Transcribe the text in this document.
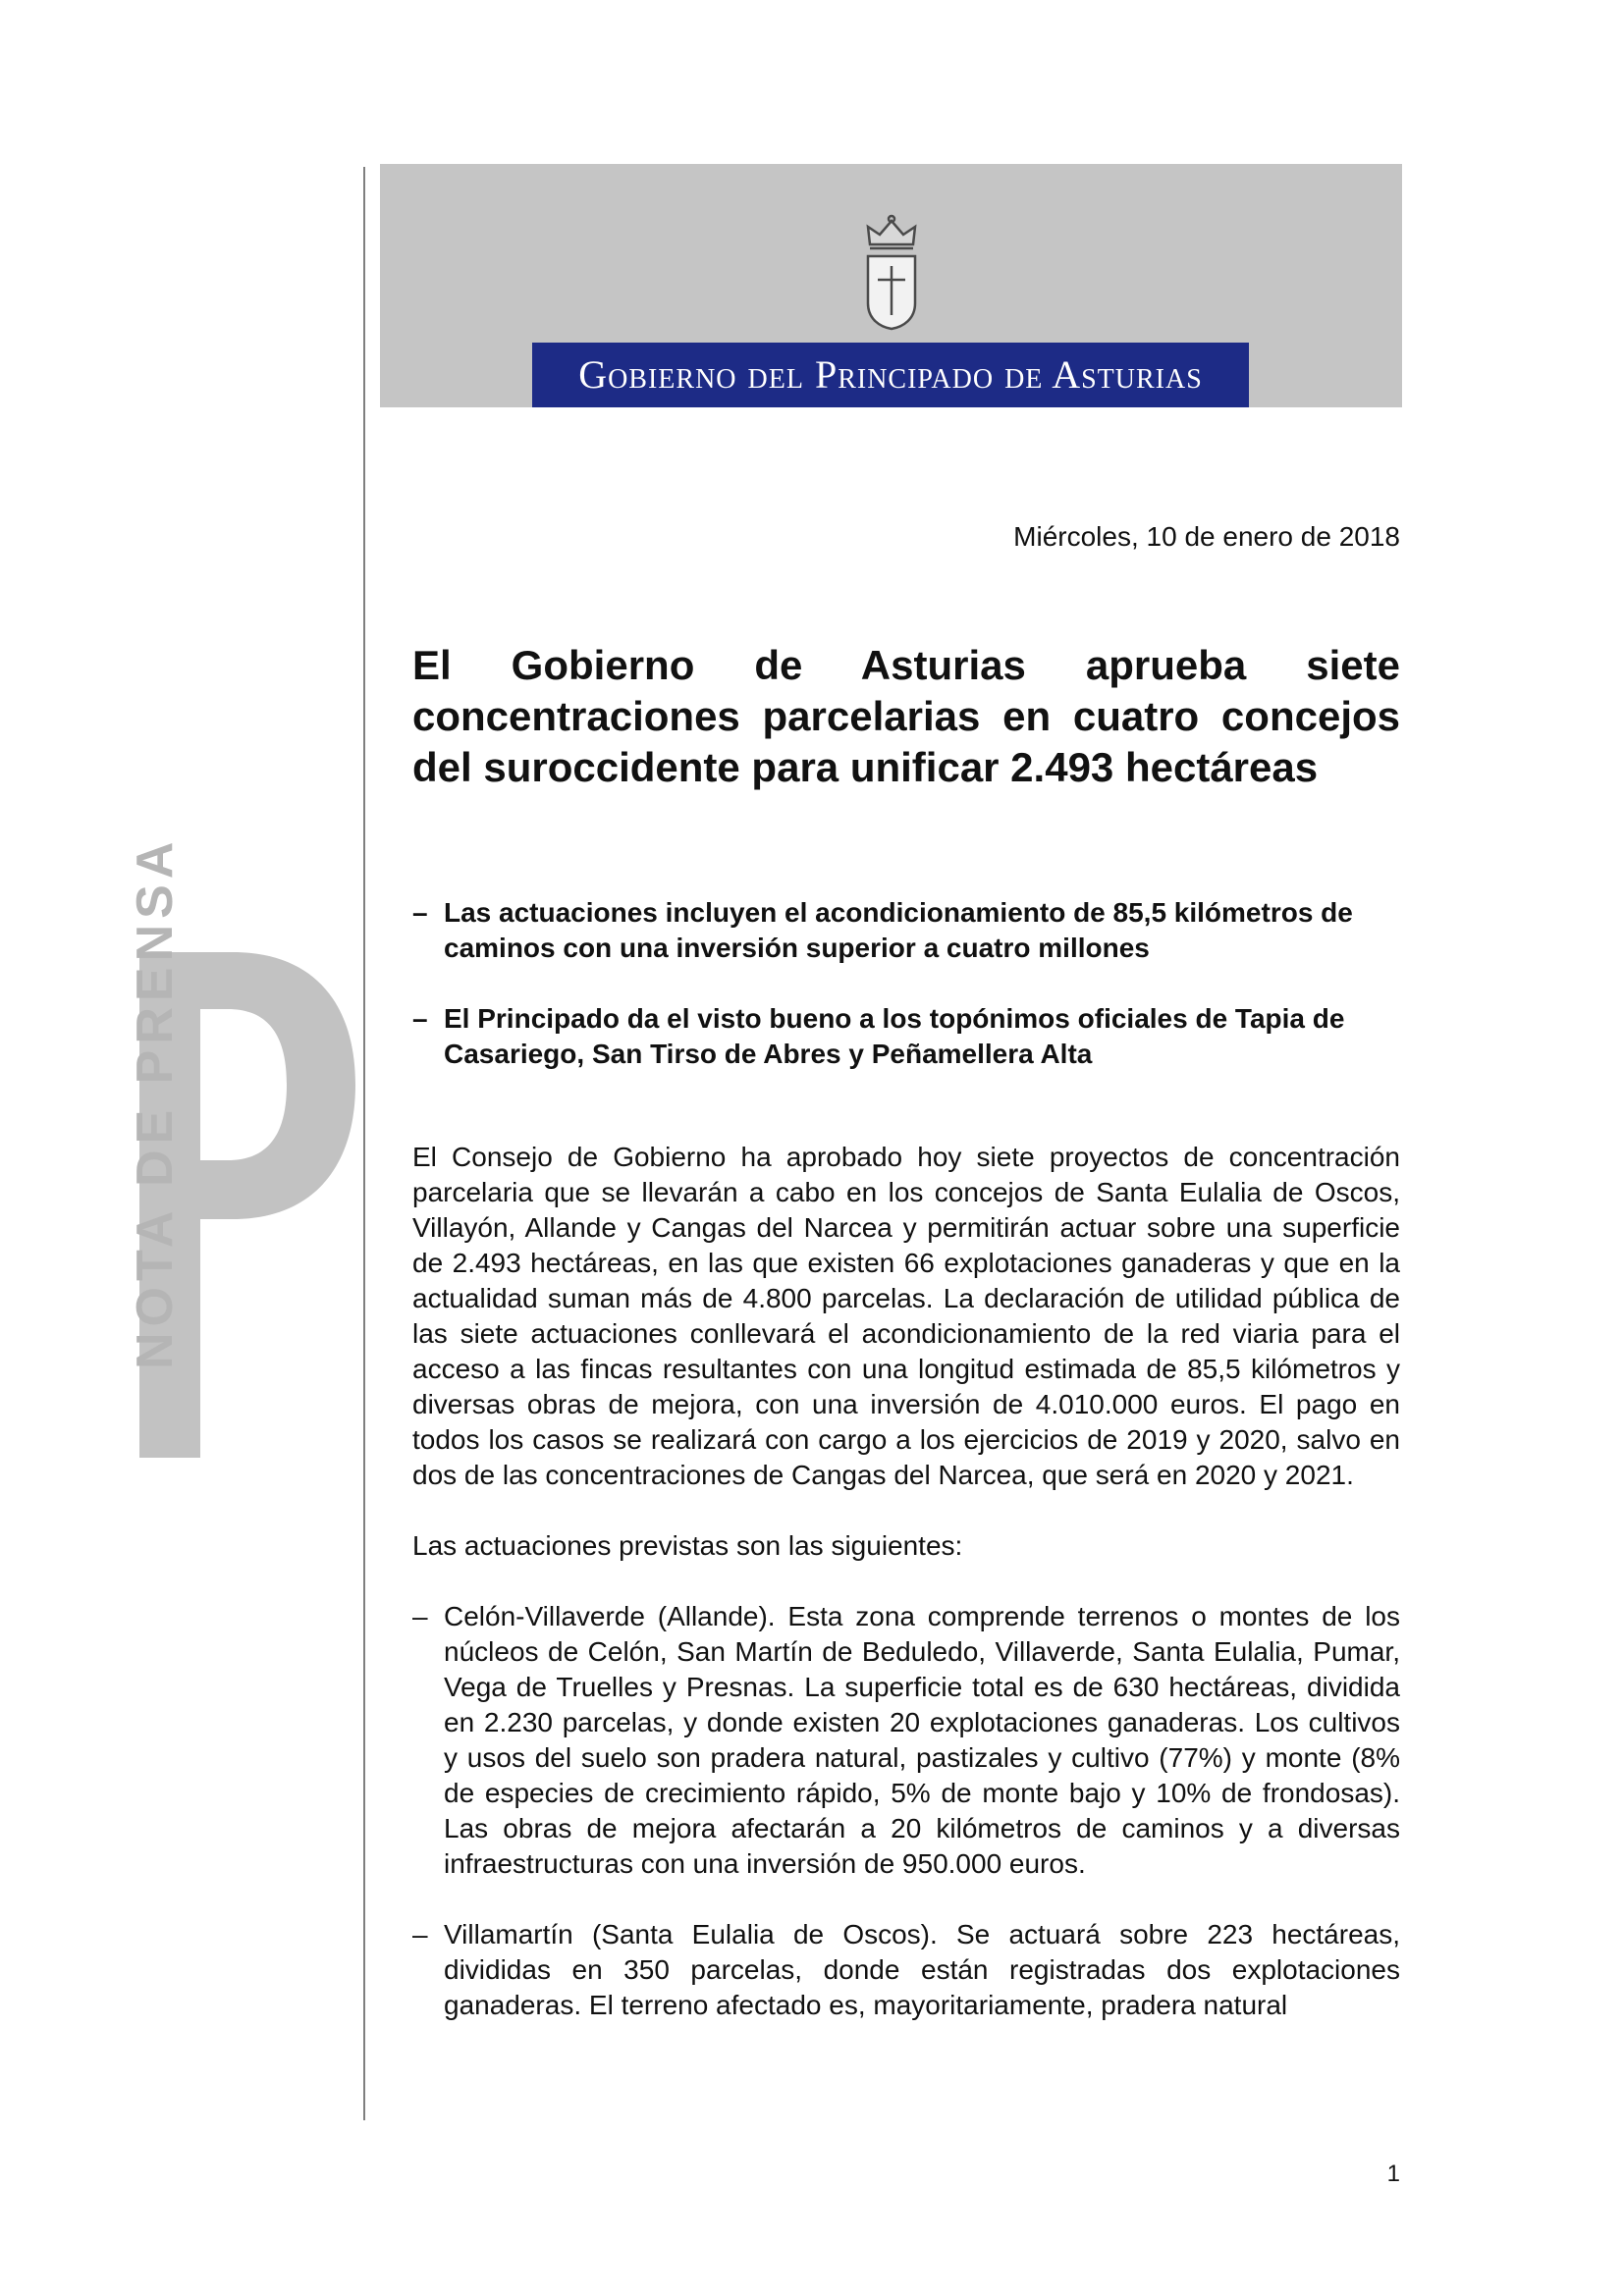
NOTA DE PRENSA
Gobierno del Principado de Asturias
Miércoles, 10 de enero de 2018
El Gobierno de Asturias aprueba siete concentraciones parcelarias en cuatro concejos del suroccidente para unificar 2.493 hectáreas
– Las actuaciones incluyen el acondicionamiento de 85,5 kilómetros de caminos con una inversión superior a cuatro millones
– El Principado da el visto bueno a los topónimos oficiales de Tapia de Casariego, San Tirso de Abres y Peñamellera Alta

El Consejo de Gobierno ha aprobado hoy siete proyectos de concentración parcelaria que se llevarán a cabo en los concejos de Santa Eulalia de Oscos, Villayón, Allande y Cangas del Narcea y permitirán actuar sobre una superficie de 2.493 hectáreas, en las que existen 66 explotaciones ganaderas y que en la actualidad suman más de 4.800 parcelas. La declaración de utilidad pública de las siete actuaciones conllevará el acondicionamiento de la red viaria para el acceso a las fincas resultantes con una longitud estimada de 85,5 kilómetros y diversas obras de mejora, con una inversión de 4.010.000 euros. El pago en todos los casos se realizará con cargo a los ejercicios de 2019 y 2020, salvo en dos de las concentraciones de Cangas del Narcea, que será en 2020 y 2021.

Las actuaciones previstas son las siguientes:

– Celón-Villaverde (Allande). Esta zona comprende terrenos o montes de los núcleos de Celón, San Martín de Beduledo, Villaverde, Santa Eulalia, Pumar, Vega de Truelles y Presnas. La superficie total es de 630 hectáreas, dividida en 2.230 parcelas, y donde existen 20 explotaciones ganaderas. Los cultivos y usos del suelo son pradera natural, pastizales y cultivo (77%) y monte (8% de especies de crecimiento rápido, 5% de monte bajo y 10% de frondosas). Las obras de mejora afectarán a 20 kilómetros de caminos y a diversas infraestructuras con una inversión de 950.000 euros.
– Villamartín (Santa Eulalia de Oscos). Se actuará sobre 223 hectáreas, divididas en 350 parcelas, donde están registradas dos explotaciones ganaderas. El terreno afectado es, mayoritariamente, pradera natural
1
